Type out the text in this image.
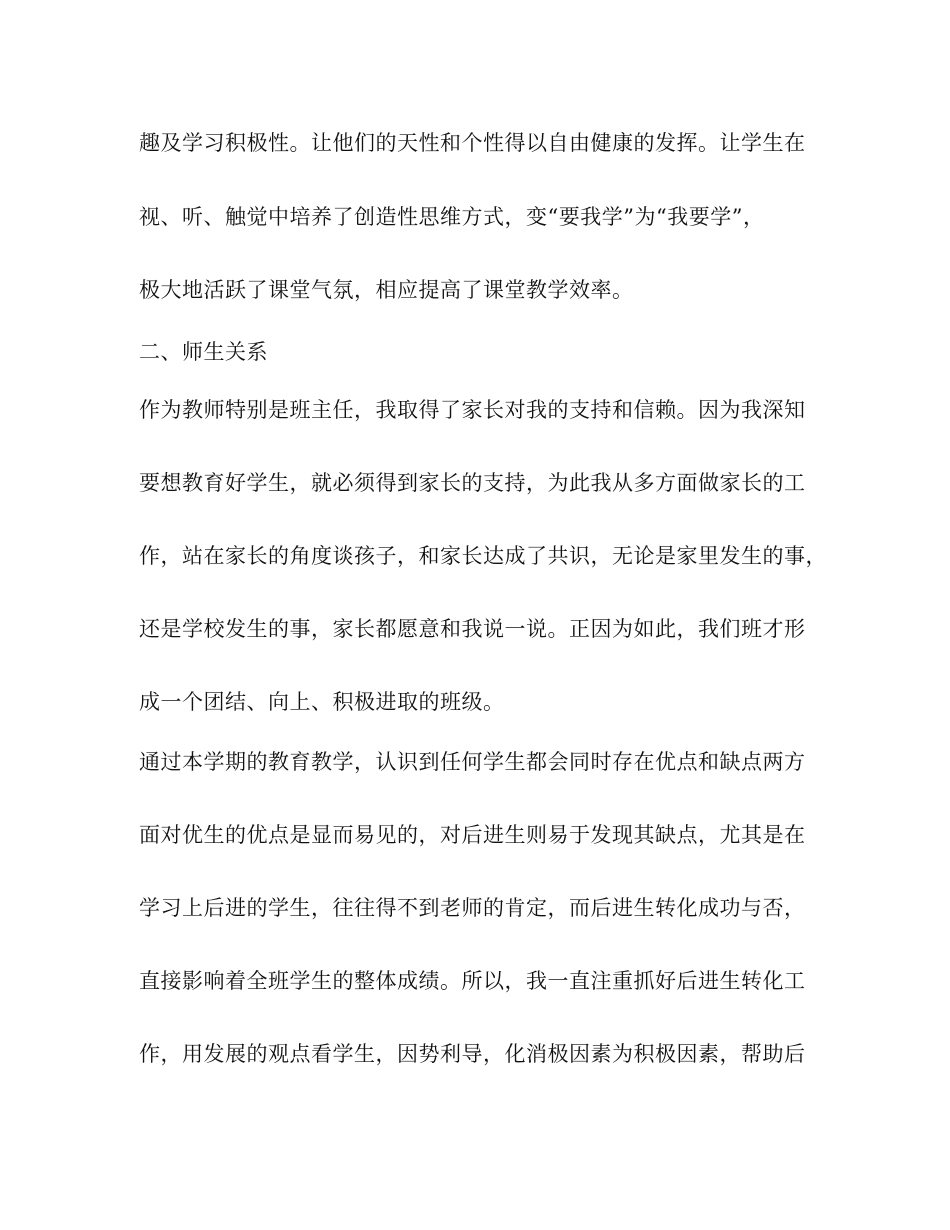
趣及学习积极性。让他们的天性和个性得以自由健康的发挥。让学生在
视、听、触觉中培养了创造性思维方式，变“要我学”为“我要学”，
极大地活跃了课堂气氛，相应提高了课堂教学效率。
二、师生关系
作为教师特别是班主任，我取得了家长对我的支持和信赖。因为我深知
要想教育好学生，就必须得到家长的支持，为此我从多方面做家长的工
作，站在家长的角度谈孩子，和家长达成了共识，无论是家里发生的事，
还是学校发生的事，家长都愿意和我说一说。正因为如此，我们班才形
成一个团结、向上、积极进取的班级。
通过本学期的教育教学，认识到任何学生都会同时存在优点和缺点两方
面对优生的优点是显而易见的，对后进生则易于发现其缺点，尤其是在
学习上后进的学生，往往得不到老师的肯定，而后进生转化成功与否，
直接影响着全班学生的整体成绩。所以，我一直注重抓好后进生转化工
作，用发展的观点看学生，因势利导，化消极因素为积极因素，帮助后
